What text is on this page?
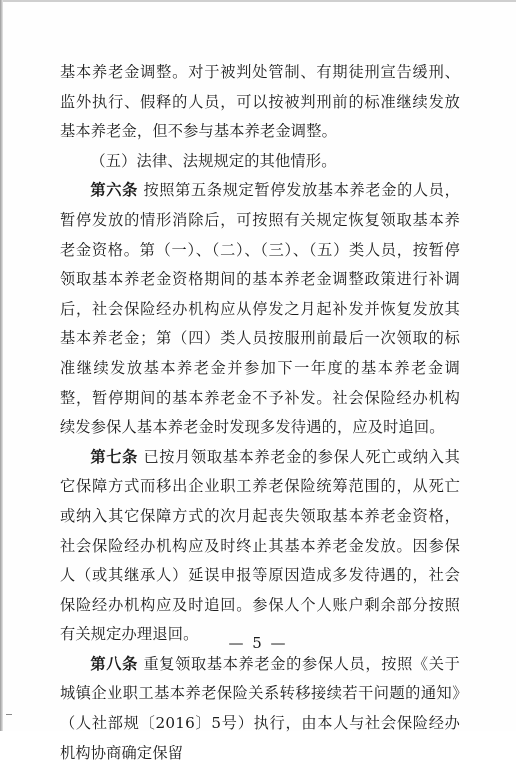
基本养老金调整。对于被判处管制、有期徒刑宣告缓刑、监外执行、假释的人员，可以按被判刑前的标准继续发放基本养老金，但不参与基本养老金调整。

（五）法律、法规规定的其他情形。

第六条 按照第五条规定暂停发放基本养老金的人员，暂停发放的情形消除后，可按照有关规定恢复领取基本养老金资格。第（一）、（二）、（三）、（五）类人员，按暂停领取基本养老金资格期间的基本养老金调整政策进行补调后，社会保险经办机构应从停发之月起补发并恢复发放其基本养老金；第（四）类人员按服刑前最后一次领取的标准继续发放基本养老金并参加下一年度的基本养老金调整，暂停期间的基本养老金不予补发。社会保险经办机构续发参保人基本养老金时发现多发待遇的，应及时追回。

第七条 已按月领取基本养老金的参保人死亡或纳入其它保障方式而移出企业职工养老保险统筹范围的，从死亡或纳入其它保障方式的次月起丧失领取基本养老金资格，社会保险经办机构应及时终止其基本养老金发放。因参保人（或其继承人）延误申报等原因造成多发待遇的，社会保险经办机构应及时追回。参保人个人账户剩余部分按照有关规定办理退回。

第八条 重复领取基本养老金的参保人员，按照《关于城镇企业职工基本养老保险关系转移接续若干问题的通知》（人社部规〔2016〕5号）执行，由本人与社会保险经办机构协商确定保留

— 5 —
